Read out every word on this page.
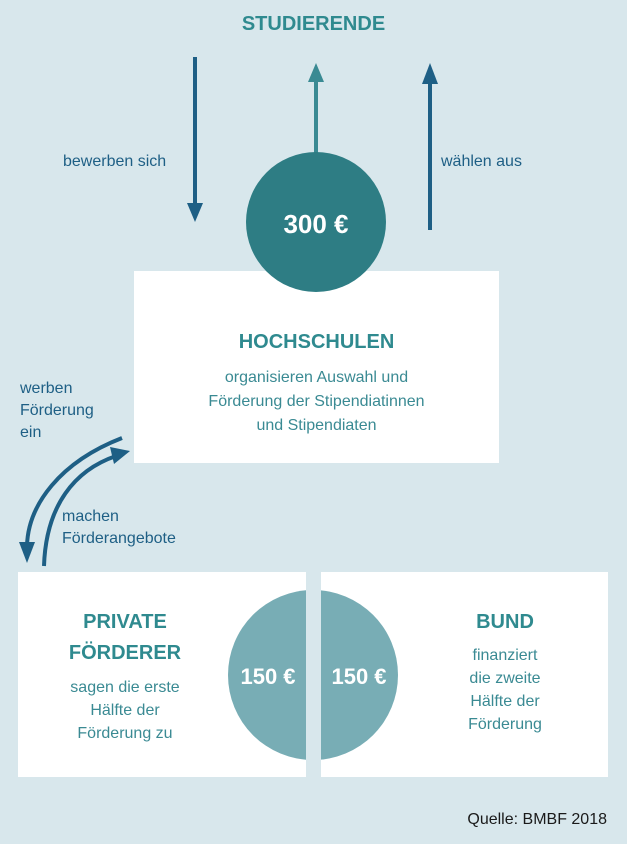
STUDIERENDE
bewerben sich	wählen aus
werben
Förderung
ein
machen
Förderangebote
300 €
150 € 150 €
HOCHSCHULEN
organisieren Auswahl und
Förderung der Stipendiatinnen
und Stipendiaten
PRIVATE
FÖRDERER
sagen die erste
Hälfte der
Förderung zu
BUND
finanziert
die zweite
Hälfte der
Förderung
Quelle: BMBF 2018
